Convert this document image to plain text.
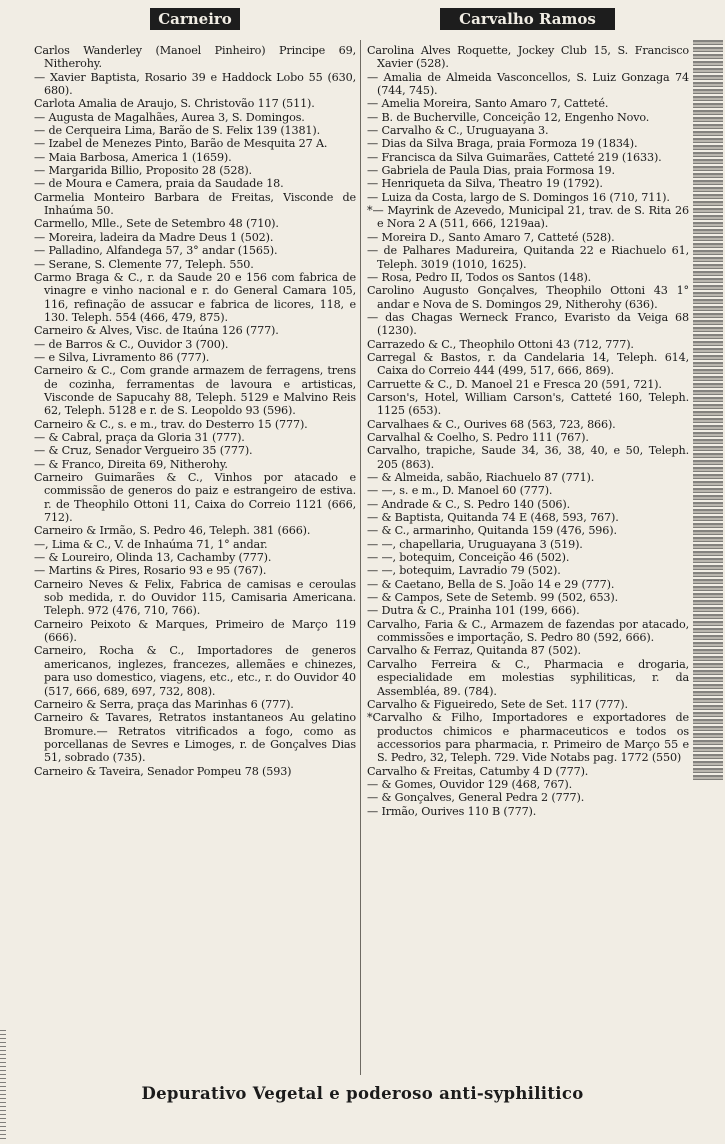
Carneiro	Carvalho Ramos

Carlos Wanderley (Manoel Pinheiro) Principe 69, Nitherohy.

— Xavier Baptista, Rosario 39 e Haddock Lobo 55 (630, 680).

Carlota Amalia de Araujo, S. Christovão 117 (511).

— Augusta de Magalhães, Aurea 3, S. Domingos.

— de Cerqueira Lima, Barão de S. Felix 139 (1381).

— Izabel de Menezes Pinto, Barão de Mesquita 27 A.

— Maia Barbosa, America 1 (1659).

— Margarida Billio, Proposito 28 (528).

— de Moura e Camera, praia da Saudade 18.

Carmelia Monteiro Barbara de Freitas, Visconde de Inhaúma 50.

Carmello, Mlle., Sete de Setembro 48 (710).

— Moreira, ladeira da Madre Deus 1 (502).

— Palladino, Alfandega 57, 3° andar (1565).

— Serane, S. Clemente 77, Teleph. 550.

Carmo Braga & C., r. da Saude 20 e 156 com fabrica de vinagre e vinho nacional e r. do General Camara 105, 116, refinação de assucar e fabrica de licores, 118, e 130. Teleph. 554 (466, 479, 875).

Carneiro & Alves, Visc. de Itaúna 126 (777).

— de Barros & C., Ouvidor 3 (700).

— e Silva, Livramento 86 (777).

Carneiro & C., Com grande armazem de ferragens, trens de cozinha, ferramentas de lavoura e artisticas, Visconde de Sapucahy 88, Teleph. 5129 e Malvino Reis 62, Teleph. 5128 e r. de S. Leopoldo 93 (596).

Carneiro & C., s. e m., trav. do Desterro 15 (777).

— & Cabral, praça da Gloria 31 (777).

— & Cruz, Senador Vergueiro 35 (777).

— & Franco, Direita 69, Nitherohy.

Carneiro Guimarães & C., Vinhos por atacado e commissão de generos do paiz e estrangeiro de estiva. r. de Theophilo Ottoni 11, Caixa do Correio 1121 (666, 712).

Carneiro & Irmão, S. Pedro 46, Teleph. 381 (666).

—, Lima & C., V. de Inhaúma 71, 1° andar.

— & Loureiro, Olinda 13, Cachamby (777).

— Martins & Pires, Rosario 93 e 95 (767).

Carneiro Neves & Felix, Fabrica de camisas e ceroulas sob medida, r. do Ouvidor 115, Camisaria Americana. Teleph. 972 (476, 710, 766).

Carneiro Peixoto & Marques, Primeiro de Março 119 (666).

Carneiro, Rocha & C., Importadores de generos americanos, inglezes, francezes, allemães e chinezes, para uso domestico, viagens, etc., etc., r. do Ouvidor 40 (517, 666, 689, 697, 732, 808).

Carneiro & Serra, praça das Marinhas 6 (777).

Carneiro & Tavares, Retratos instantaneos Au gelatino Bromure.— Retratos vitrificados a fogo, como as porcellanas de Sevres e Limoges, r. de Gonçalves Dias 51, sobrado (735).

Carneiro & Taveira, Senador Pompeu 78 (593)

Carolina Alves Roquette, Jockey Club 15, S. Francisco Xavier (528).

— Amalia de Almeida Vasconcellos, S. Luiz Gonzaga 74 (744, 745).

— Amelia Moreira, Santo Amaro 7, Catteté.

— B. de Bucherville, Conceição 12, Engenho Novo.

— Carvalho & C., Uruguayana 3.

— Dias da Silva Braga, praia Formoza 19 (1834).

— Francisca da Silva Guimarães, Catteté 219 (1633).

— Gabriela de Paula Dias, praia Formosa 19.

— Henriqueta da Silva, Theatro 19 (1792).

— Luiza da Costa, largo de S. Domingos 16 (710, 711).

*— Mayrink de Azevedo, Municipal 21, trav. de S. Rita 26 e Nora 2 A (511, 666, 1219aa).

— Moreira D., Santo Amaro 7, Catteté (528).

— de Palhares Madureira, Quitanda 22 e Riachuelo 61, Teleph. 3019 (1010, 1625).

— Rosa, Pedro II, Todos os Santos (148).

Carolino Augusto Gonçalves, Theophilo Ottoni 43 1° andar e Nova de S. Domingos 29, Nitherohy (636).

— das Chagas Werneck Franco, Evaristo da Veiga 68 (1230).

Carrazedo & C., Theophilo Ottoni 43 (712, 777).

Carregal & Bastos, r. da Candelaria 14, Teleph. 614, Caixa do Correio 444 (499, 517, 666, 869).

Carruette & C., D. Manoel 21 e Fresca 20 (591, 721).

Carson's, Hotel, William Carson's, Catteté 160, Teleph. 1125 (653).

Carvalhaes & C., Ourives 68 (563, 723, 866).

Carvalhal & Coelho, S. Pedro 111 (767).

Carvalho, trapiche, Saude 34, 36, 38, 40, e 50, Teleph. 205 (863).

— & Almeida, sabão, Riachuelo 87 (771).

— —, s. e m., D. Manoel 60 (777).

— Andrade & C., S. Pedro 140 (506).

— & Baptista, Quitanda 74 E (468, 593, 767).

— & C., armarinho, Quitanda 159 (476, 596).

— —, chapellaria, Uruguayana 3 (519).

— —, botequim, Conceição 46 (502).

— —, botequim, Lavradio 79 (502).

— & Caetano, Bella de S. João 14 e 29 (777).

— & Campos, Sete de Setemb. 99 (502, 653).

— Dutra & C., Prainha 101 (199, 666).

Carvalho, Faria & C., Armazem de fazendas por atacado, commissões e importação, S. Pedro 80 (592, 666).

Carvalho & Ferraz, Quitanda 87 (502).

Carvalho Ferreira & C., Pharmacia e drogaria, especialidade em molestias syphiliticas, r. da Assembléa, 89. (784).

Carvalho & Figueiredo, Sete de Set. 117 (777).

*Carvalho & Filho, Importadores e exportadores de productos chimicos e pharmaceuticos e todos os accessorios para pharmacia, r. Primeiro de Março 55 e S. Pedro, 32, Teleph. 729. Vide Notabs pag. 1772 (550)

Carvalho & Freitas, Catumby 4 D (777).

— & Gomes, Ouvidor 129 (468, 767).

— & Gonçalves, General Pedra 2 (777).

— Irmão, Ourives 110 B (777).

Depurativo Vegetal e poderoso anti-syphilitico
